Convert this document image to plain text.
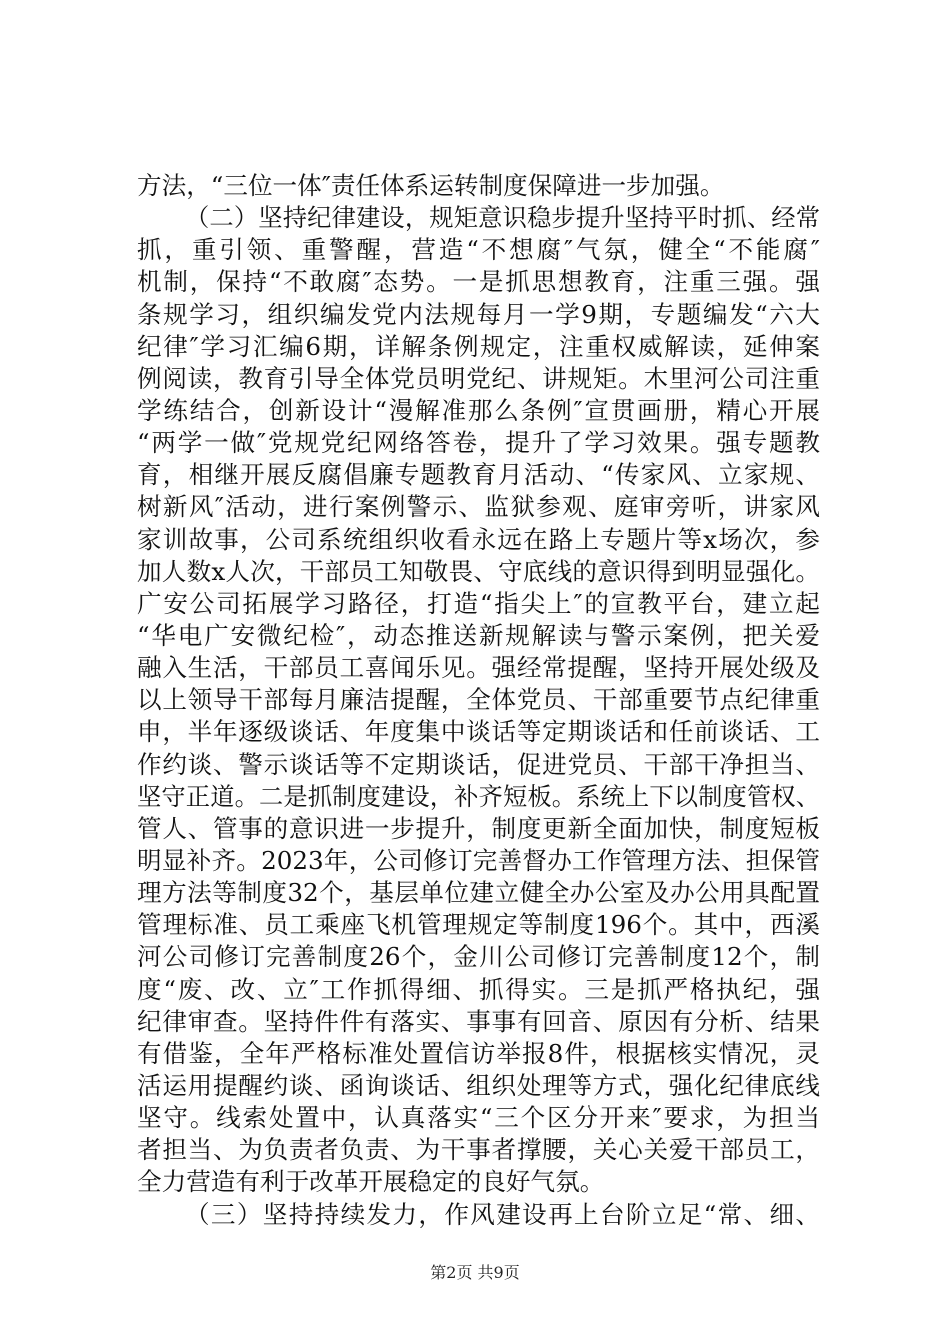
方法，“三位一体″责任体系运转制度保障进一步加强。
（二）坚持纪律建设，规矩意识稳步提升坚持平时抓、经常
抓，重引领、重警醒，营造“不想腐″气氛，健全“不能腐″
机制，保持“不敢腐″态势。一是抓思想教育，注重三强。强
条规学习，组织编发党内法规每月一学9期，专题编发“六大
纪律″学习汇编6期，详解条例规定，注重权威解读，延伸案
例阅读，教育引导全体党员明党纪、讲规矩。木里河公司注重
学练结合，创新设计“漫解准那么条例″宣贯画册，精心开展
“两学一做″党规党纪网络答卷，提升了学习效果。强专题教
育，相继开展反腐倡廉专题教育月活动、“传家风、立家规、
树新风″活动，进行案例警示、监狱参观、庭审旁听，讲家风
家训故事，公司系统组织收看永远在路上专题片等x场次，参
加人数x人次，干部员工知敬畏、守底线的意识得到明显强化。
广安公司拓展学习路径，打造“指尖上″的宣教平台，建立起
“华电广安微纪检″，动态推送新规解读与警示案例，把关爱
融入生活，干部员工喜闻乐见。强经常提醒，坚持开展处级及
以上领导干部每月廉洁提醒，全体党员、干部重要节点纪律重
申，半年逐级谈话、年度集中谈话等定期谈话和任前谈话、工
作约谈、警示谈话等不定期谈话，促进党员、干部干净担当、
坚守正道。二是抓制度建设，补齐短板。系统上下以制度管权、
管人、管事的意识进一步提升，制度更新全面加快，制度短板
明显补齐。2023年，公司修订完善督办工作管理方法、担保管
理方法等制度32个，基层单位建立健全办公室及办公用具配置
管理标准、员工乘座飞机管理规定等制度196个。其中，西溪
河公司修订完善制度26个，金川公司修订完善制度12个，制
度“废、改、立″工作抓得细、抓得实。三是抓严格执纪，强
纪律审查。坚持件件有落实、事事有回音、原因有分析、结果
有借鉴，全年严格标准处置信访举报8件，根据核实情况，灵
活运用提醒约谈、函询谈话、组织处理等方式，强化纪律底线
坚守。线索处置中，认真落实“三个区分开来″要求，为担当
者担当、为负责者负责、为干事者撑腰，关心关爱干部员工，
全力营造有利于改革开展稳定的良好气氛。
（三）坚持持续发力，作风建设再上台阶立足“常、细、
第2页 共9页
